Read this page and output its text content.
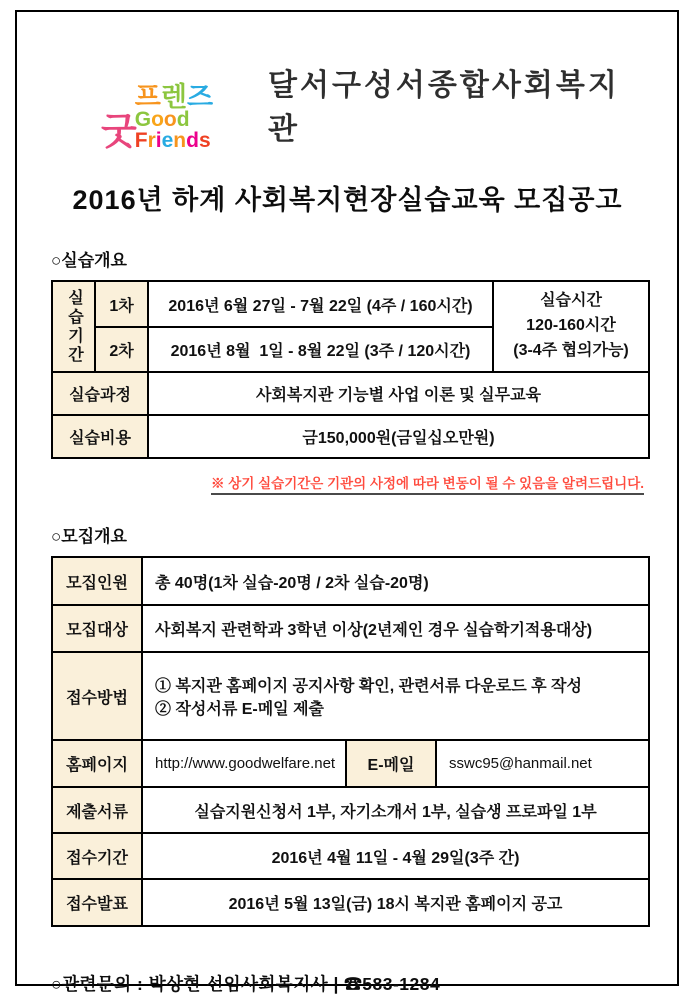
굿
프렌즈
GoodFriends
달서구성서종합사회복지관
2016년 하계 사회복지현장실습교육 모집공고
○실습개요
실습기간	1차	2016년 6월 27일 - 7월 22일 (4주 / 160시간)	실습시간
120-160시간
(3-4주 협의가능)

	2차	2016년 8월  1일 - 8월 22일 (3주 / 120시간)	
실습과정		사회복지관 기능별 사업 이론 및 실무교육	
실습비용		금150,000원(금일십오만원)	
※ 상기 실습기간은 기관의 사정에 따라 변동이 될 수 있음을 알려드립니다.
○모집개요
모집인원	총 40명(1차 실습-20명 / 2차 실습-20명)		
모집대상	사회복지 관련학과 3학년 이상(2년제인 경우 실습학기적용대상)		
접수방법	① 복지관 홈페이지 공지사항 확인, 관련서류 다운로드 후 작성
② 작성서류 E-메일 제출		

홈페이지	http://www.goodwelfare.net	E-메일	sswc95@hanmail.net
제출서류	실습지원신청서 1부, 자기소개서 1부, 실습생 프로파일 1부		
접수기간	2016년 4월 11일 - 4월 29일(3주 간)		
접수발표	2016년 5월 13일(금) 18시 복지관 홈페이지 공고		
○관련문의 : 박상현 선임사회복지사 | ☎583-1284
